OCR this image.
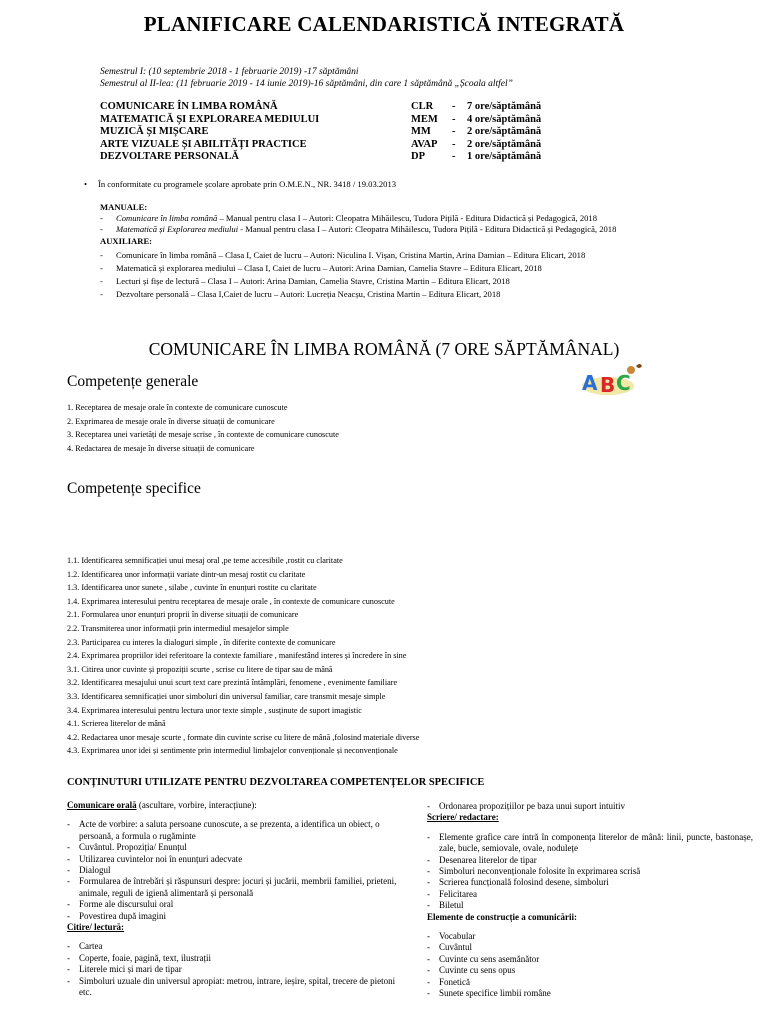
PLANIFICARE CALENDARISTICĂ INTEGRATĂ
Semestrul I: (10 septembrie 2018 - 1 februarie 2019) -17 săptămâni
Semestrul al II-lea: (11 februarie 2019 - 14 iunie 2019)-16 săptămâni, din care 1 săptămână „Școala altfel”
COMUNICARE ÎN LIMBA ROMÂNĂ	CLR - 7 ore/săptămână
MATEMATICĂ ȘI EXPLORAREA MEDIULUI	MEM - 4 ore/săptămână
MUZICĂ ȘI MIȘCARE	MM - 2 ore/săptămână
ARTE VIZUALE ȘI ABILITĂȚI PRACTICE	AVAP - 2 ore/săptămână
DEZVOLTARE PERSONALĂ	DP	- 1 ore/săptămână
• În conformitate cu programele școlare aprobate prin O.M.E.N., NR. 3418 / 19.03.2013
MANUALE:
- Comunicare în limba română – Manual pentru clasa I – Autori: Cleopatra Mihăilescu, Tudora Pițilă - Editura Didactică și Pedagogică, 2018
- Matematică și Explorarea mediului - Manual pentru clasa I – Autori: Cleopatra Mihăilescu, Tudora Pițilă - Editura Didactică și Pedagogică, 2018
AUXILIARE:
- Comunicare în limba română – Clasa I, Caiet de lucru – Autori: Niculina I. Vișan, Cristina Martin, Arina Damian – Editura Elicart, 2018
- Matematică și explorarea mediului – Clasa I, Caiet de lucru – Autori: Arina Damian, Camelia Stavre – Editura Elicart, 2018
- Lecturi și fișe de lectură – Clasa I – Autori: Arina Damian, Camelia Stavre, Cristina Martin – Editura Elicart, 2018
- Dezvoltare personală – Clasa I,Caiet de lucru – Autori: Lucreția Neacșu, Cristina Martin – Editura Elicart, 2018
COMUNICARE ÎN LIMBA ROMÂNĂ (7 ORE SĂPTĂMÂNAL)
A B C
Competențe generale
1. Receptarea de mesaje orale în contexte de comunicare cunoscute
2. Exprimarea de mesaje orale în diverse situații de comunicare
3. Receptarea unei varietăți de mesaje scrise , în contexte de comunicare cunoscute
4. Redactarea de mesaje în diverse situații de comunicare
Competențe specifice
1.1. Identificarea semnificației unui mesaj oral ,pe teme accesibile ,rostit cu claritate
1.2. Identificarea unor informații variate dintr-un mesaj rostit cu claritate
1.3. Identificarea unor sunete , silabe , cuvinte în enunțuri rostite cu claritate
1.4. Exprimarea interesului pentru receptarea de mesaje orale , în contexte de comunicare cunoscute
2.1. Formularea unor enunțuri proprii în diverse situații de comunicare
2.2. Transmiterea unor informații prin intermediul mesajelor simple
2.3. Participarea cu interes la dialoguri simple , în diferite contexte de comunicare
2.4. Exprimarea propriilor idei referitoare la contexte familiare , manifestând interes și încredere în sine
3.1. Citirea unor cuvinte și propoziții scurte , scrise cu litere de tipar sau de mână
3.2. Identificarea mesajului unui scurt text care prezintă întâmplări, fenomene , evenimente familiare
3.3. Identificarea semnificației unor simboluri din universul familiar, care transmit mesaje simple
3.4. Exprimarea interesului pentru lectura unor texte simple , susținute de suport imagistic
4.1. Scrierea literelor de mână
4.2. Redactarea unor mesaje scurte , formate din cuvinte scrise cu litere de mână ,folosind materiale diverse
4.3. Exprimarea unor idei și sentimente prin intermediul limbajelor convenționale și neconvenționale
CONȚINUTURI UTILIZATE PENTRU DEZVOLTAREA COMPETENȚELOR SPECIFICE
Comunicare orală (ascultare, vorbire, interacțiune):
- Acte de vorbire: a saluta persoane cunoscute, a se prezenta, a identifica un obiect, o persoană, a formula o rugăminte
- Cuvântul. Propoziția/ Enunțul
- Utilizarea cuvintelor noi în enunțuri adecvate
- Dialogul
- Formularea de întrebări și răspunsuri despre: jocuri și jucării, membrii familiei, prieteni, animale, reguli de igienă alimentară și personală
- Forme ale discursului oral
- Povestirea după imagini
Citire/ lectură:
- Cartea
- Coperte, foaie, pagină, text, ilustrații
- Literele mici și mari de tipar
- Simboluri uzuale din universul apropiat: metrou, intrare, ieșire, spital, trecere de pietoni etc.
- Ordonarea propozițiilor pe baza unui suport intuitiv
Scriere/ redactare:
- Elemente grafice care intră în componența literelor de mână: linii, puncte, bastonașe, zale, bucle, semiovale, ovale, nodulețe
- Desenarea literelor de tipar
- Simboluri neconvenționale folosite în exprimarea scrisă
- Scrierea funcțională folosind desene, simboluri
- Felicitarea
- Biletul
Elemente de construcție a comunicării:
- Vocabular
- Cuvântul
- Cuvinte cu sens asemănător
- Cuvinte cu sens opus
- Fonetică
- Sunete specifice limbii române
